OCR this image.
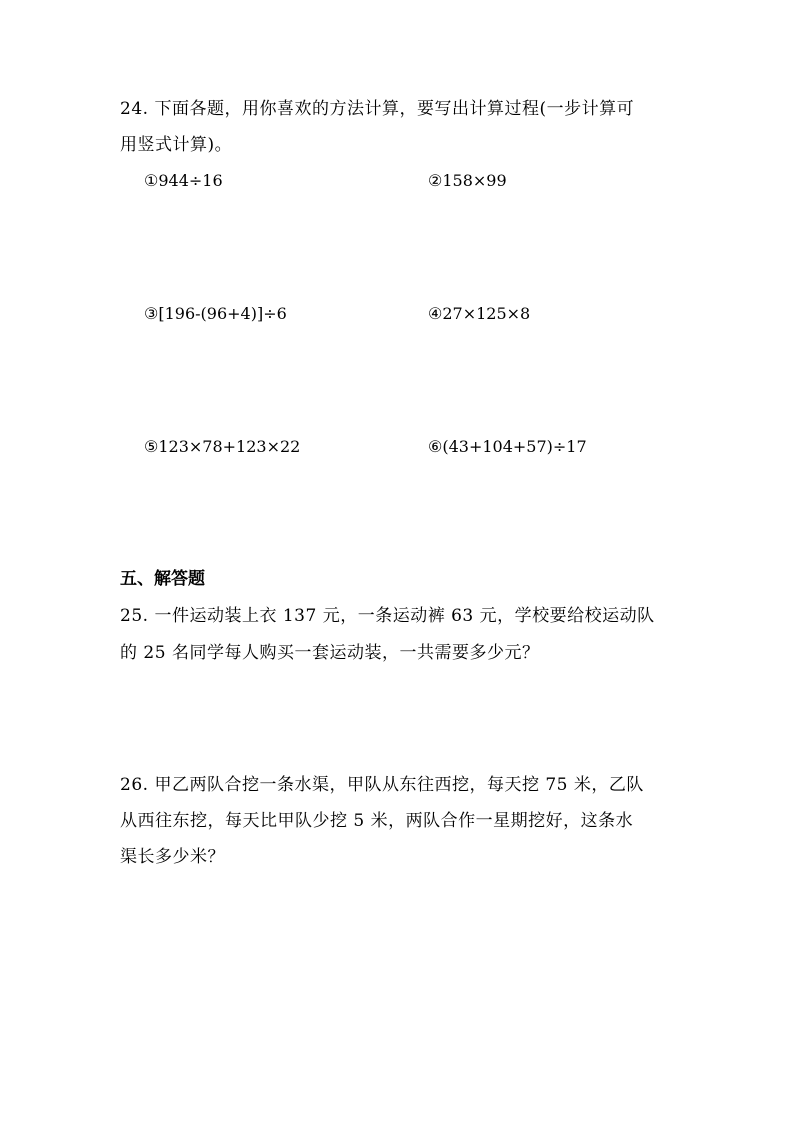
24. 下面各题，用你喜欢的方法计算，要写出计算过程(一步计算可
用竖式计算)。
①944÷16	②158×99
③[196-(96+4)]÷6	④27×125×8
⑤123×78+123×22	⑥(43+104+57)÷17
五、解答题
25. 一件运动装上衣 137 元，一条运动裤 63 元，学校要给校运动队
的 25 名同学每人购买一套运动装，一共需要多少元？
26. 甲乙两队合挖一条水渠，甲队从东往西挖，每天挖 75 米，乙队
从西往东挖，每天比甲队少挖 5 米，两队合作一星期挖好，这条水
渠长多少米？
